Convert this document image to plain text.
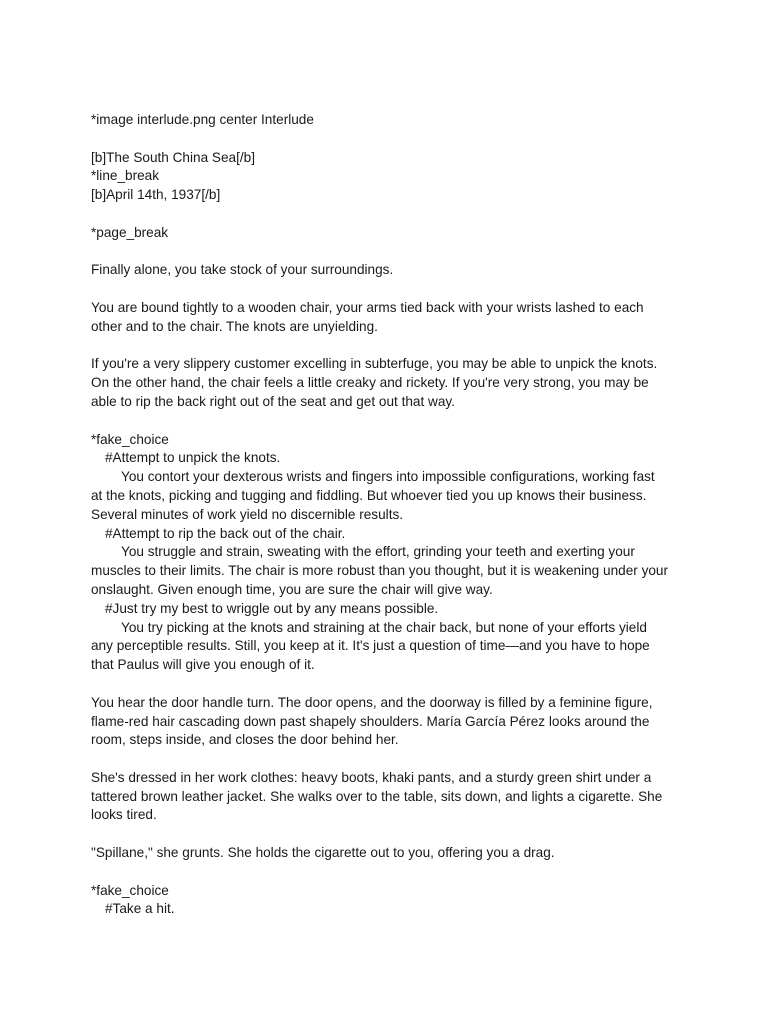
*image interlude.png center Interlude
[b]The South China Sea[/b]
*line_break
[b]April 14th, 1937[/b]
*page_break
Finally alone, you take stock of your surroundings.
You are bound tightly to a wooden chair, your arms tied back with your wrists lashed to each
other and to the chair. The knots are unyielding.
If you're a very slippery customer excelling in subterfuge, you may be able to unpick the knots.
On the other hand, the chair feels a little creaky and rickety. If you're very strong, you may be
able to rip the back right out of the seat and get out that way.
*fake_choice
#Attempt to unpick the knots.
You contort your dexterous wrists and fingers into impossible configurations, working fast
at the knots, picking and tugging and fiddling. But whoever tied you up knows their business.
Several minutes of work yield no discernible results.
#Attempt to rip the back out of the chair.
You struggle and strain, sweating with the effort, grinding your teeth and exerting your
muscles to their limits. The chair is more robust than you thought, but it is weakening under your
onslaught. Given enough time, you are sure the chair will give way.
#Just try my best to wriggle out by any means possible.
You try picking at the knots and straining at the chair back, but none of your efforts yield
any perceptible results. Still, you keep at it. It's just a question of time—and you have to hope
that Paulus will give you enough of it.
You hear the door handle turn. The door opens, and the doorway is filled by a feminine figure,
flame-red hair cascading down past shapely shoulders. María García Pérez looks around the
room, steps inside, and closes the door behind her.
She's dressed in her work clothes: heavy boots, khaki pants, and a sturdy green shirt under a
tattered brown leather jacket. She walks over to the table, sits down, and lights a cigarette. She
looks tired.
"Spillane," she grunts. She holds the cigarette out to you, offering you a drag.
*fake_choice
#Take a hit.
